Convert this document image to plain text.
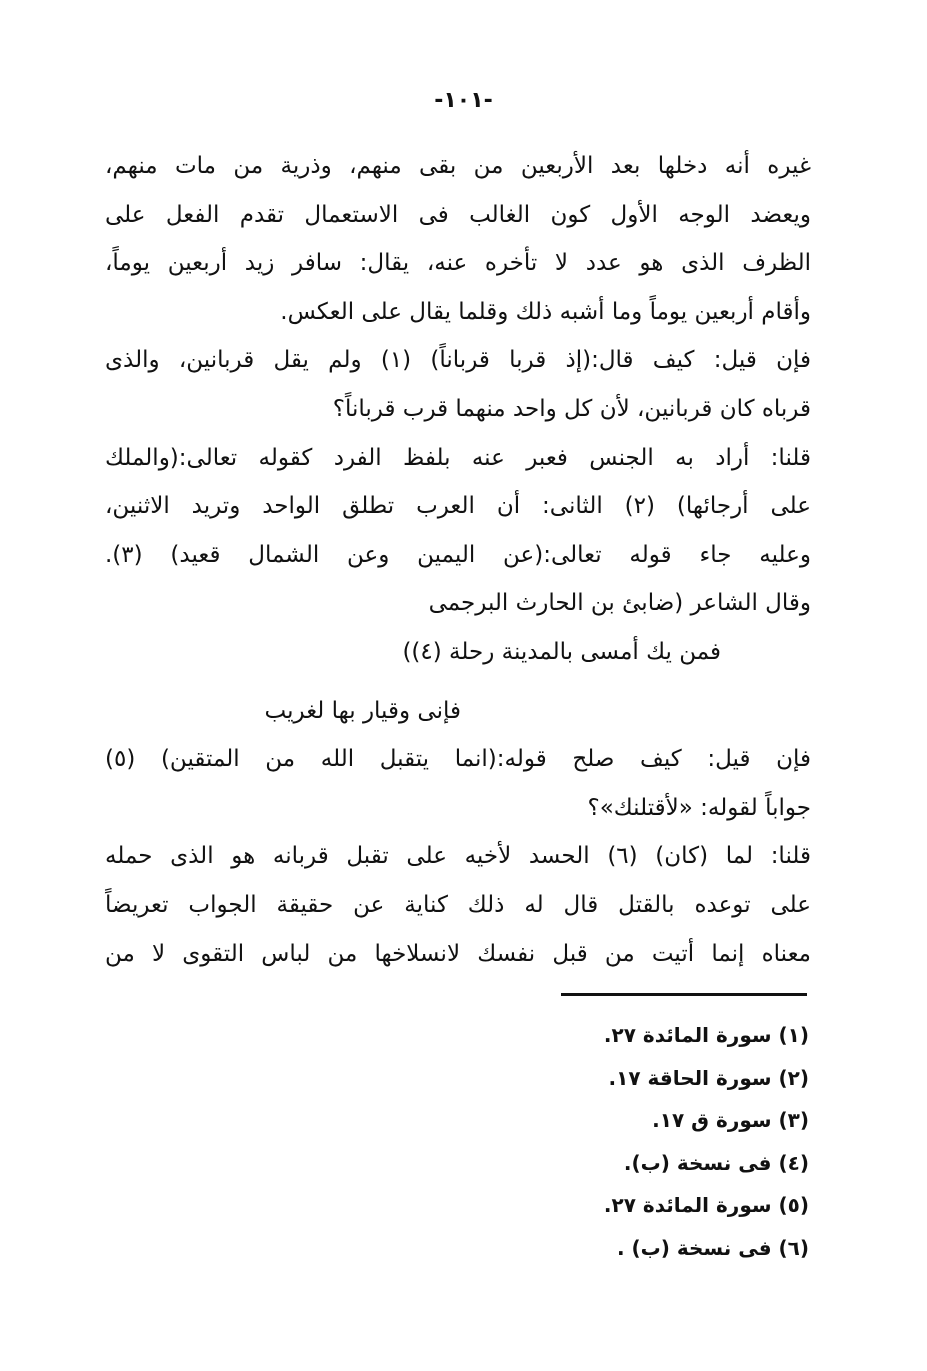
-١٠١-
غيره أنه دخلها بعد الأربعين من بقى منهم، وذرية من مات منهم،
ويعضد الوجه الأول كون الغالب فى الاستعمال تقدم الفعل على
الظرف الذى هو عدد لا تأخره عنه، يقال: سافر زيد أربعين يوماً،
وأقام أربعين يوماً وما أشبه ذلك وقلما يقال على العكس.
فإن قيل: كيف قال:(إذ قربا قرباناً) (١) ولم يقل قربانين، والذى
قرباه كان قربانين، لأن كل واحد منهما قرب قرباناً؟
قلنا: أراد به الجنس فعبر عنه بلفظ الفرد كقوله تعالى:(والملك
على أرجائها) (٢) الثانى: أن العرب تطلق الواحد وتريد الاثنين،
وعليه جاء قوله تعالى:(عن اليمين وعن الشمال قعيد) (٣).
وقال الشاعر (ضابئ بن الحارث البرجمى
فمن يك أمسى بالمدينة رحلة (٤))
فإنى وقيار بها لغريب
فإن قيل: كيف صلح قوله:(انما يتقبل الله من المتقين) (٥)
جواباً لقوله: «لأقتلنك»؟
قلنا: لما (كان) (٦) الحسد لأخيه على تقبل قربانه هو الذى حمله
على توعده بالقتل قال له ذلك كناية عن حقيقة الجواب تعريضاً
معناه إنما أتيت من قبل نفسك لانسلاخها من لباس التقوى لا من
(١) سورة المائدة ٢٧.
(٢) سورة الحاقة ١٧.
(٣) سورة ق ١٧.
(٤) فى نسخة (ب).
(٥) سورة المائدة ٢٧.
(٦) فى نسخة (ب) .
